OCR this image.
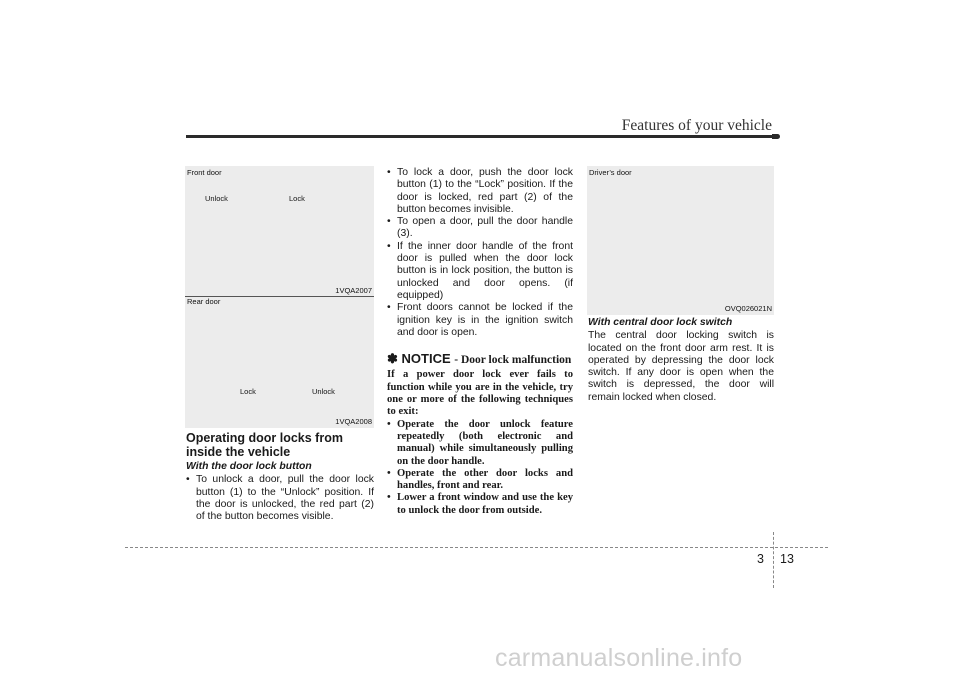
Features of your vehicle
Front door
Unlock	Lock
1VQA2007
Rear door
Lock	Unlock
1VQA2008
Driver’s door
OVQ026021N
Operating door locks from inside the vehicle
With the door lock button
• To unlock a door, pull the door lock button (1) to the “Unlock” position. If the door is unlocked, the red part (2) of the button becomes visible.
• To lock a door, push the door lock button (1) to the “Lock” position. If the door is locked, red part (2) of the button becomes invisible.
• To open a door, pull the door handle (3).
• If the inner door handle of the front door is pulled when the door lock button is in lock position, the button is unlocked and door opens. (if equipped)
• Front doors cannot be locked if the ignition key is in the ignition switch and door is open.
✽ NOTICE - Door lock malfunction
If a power door lock ever fails to function while you are in the vehicle, try one or more of the following techniques to exit:
• Operate the door unlock feature repeatedly (both electronic and manual) while simultaneously pulling on the door handle.
• Operate the other door locks and handles, front and rear.
• Lower a front window and use the key to unlock the door from outside.
With central door lock switch
The central door locking switch is located on the front door arm rest. It is operated by depressing the door lock switch. If any door is open when the switch is depressed, the door will remain locked when closed.
3 13
carmanualsonline.info
